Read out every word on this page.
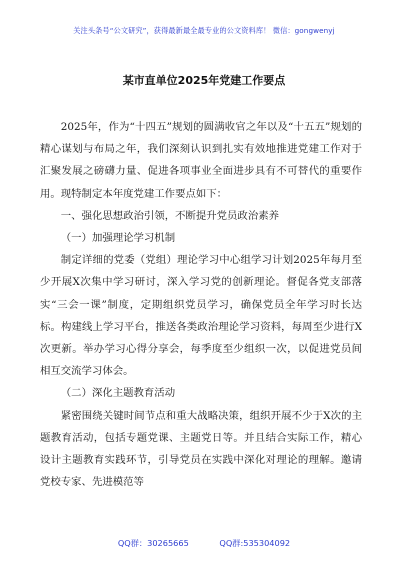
关注头条号“公文研究”，获得最新最全最专业的公文资料库！ 微信：gongwenyj
某市直单位2025年党建工作要点

2025年，作为“十四五”规划的圆满收官之年以及“十五五”规划的精心谋划与布局之年，我们深刻认识到扎实有效地推进党建工作对于汇聚发展之磅礴力量、促进各项事业全面进步具有不可替代的重要作用。现特制定本年度党建工作要点如下：

一、强化思想政治引领，不断提升党员政治素养

（一）加强理论学习机制

制定详细的党委（党组）理论学习中心组学习计划2025年每月至少开展X次集中学习研讨，深入学习党的创新理论。督促各党支部落实“三会一课”制度，定期组织党员学习，确保党员全年学习时长达标。构建线上学习平台，推送各类政治理论学习资料，每周至少进行X次更新。举办学习心得分享会，每季度至少组织一次，以促进党员间相互交流学习体会。

（二）深化主题教育活动

紧密围绕关键时间节点和重大战略决策，组织开展不少于X次的主题教育活动，包括专题党课、主题党日等。并且结合实际工作，精心设计主题教育实践环节，引导党员在实践中深化对理论的理解。邀请党校专家、先进模范等

QQ群：30265665	QQ群:535304092
